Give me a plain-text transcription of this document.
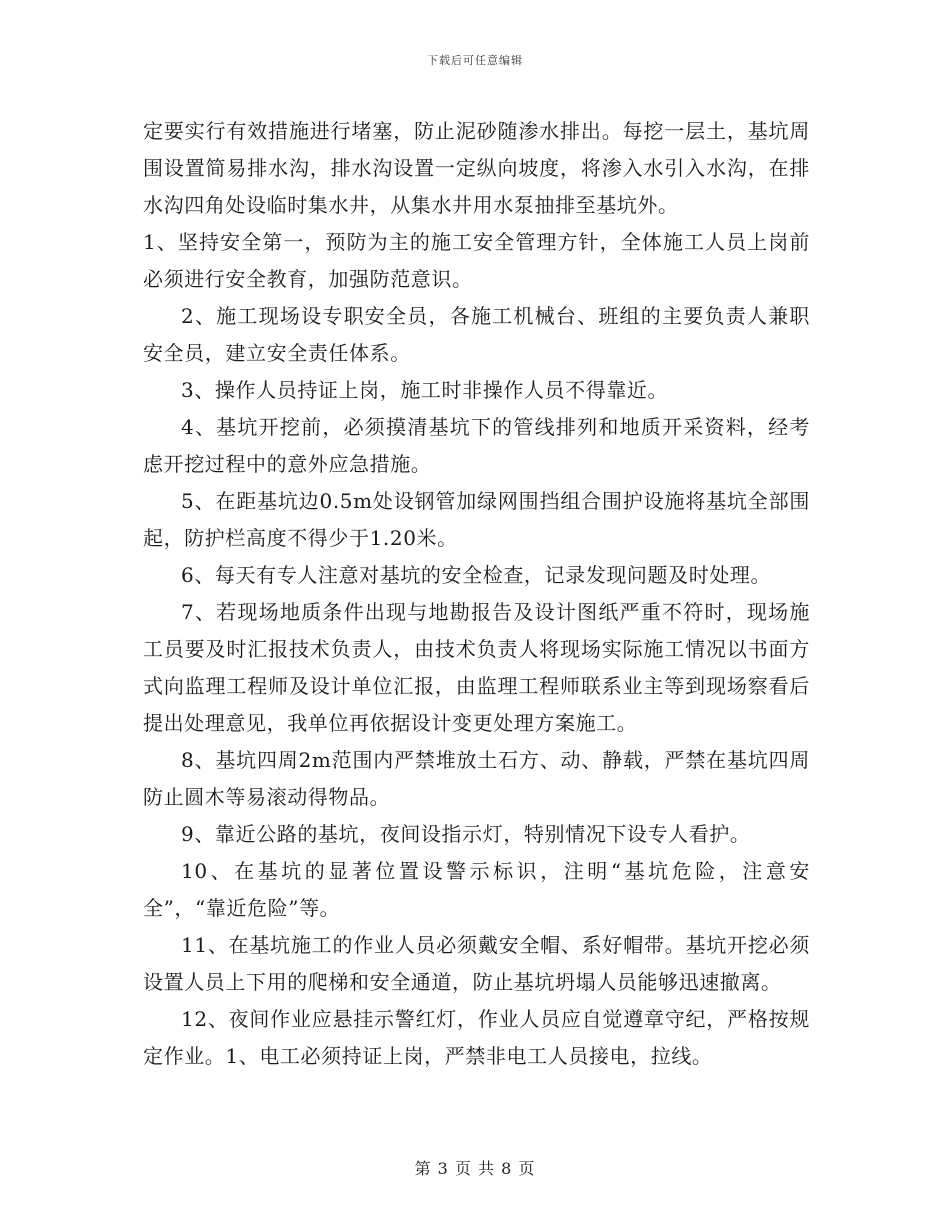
下载后可任意编辑

定要实行有效措施进行堵塞，防止泥砂随渗水排出。每挖一层土，基坑周围设置简易排水沟，排水沟设置一定纵向坡度，将渗入水引入水沟，在排水沟四角处设临时集水井，从集水井用水泵抽排至基坑外。

1、坚持安全第一，预防为主的施工安全管理方针，全体施工人员上岗前必须进行安全教育，加强防范意识。

2、施工现场设专职安全员，各施工机械台、班组的主要负责人兼职安全员，建立安全责任体系。

3、操作人员持证上岗，施工时非操作人员不得靠近。

4、基坑开挖前，必须摸清基坑下的管线排列和地质开采资料，经考虑开挖过程中的意外应急措施。

5、在距基坑边0.5m处设钢管加绿网围挡组合围护设施将基坑全部围起，防护栏高度不得少于1.20米。

6、每天有专人注意对基坑的安全检查，记录发现问题及时处理。

7、若现场地质条件出现与地勘报告及设计图纸严重不符时，现场施工员要及时汇报技术负责人，由技术负责人将现场实际施工情况以书面方式向监理工程师及设计单位汇报，由监理工程师联系业主等到现场察看后提出处理意见，我单位再依据设计变更处理方案施工。

8、基坑四周2m范围内严禁堆放土石方、动、静载，严禁在基坑四周防止圆木等易滚动得物品。

9、靠近公路的基坑，夜间设指示灯，特别情况下设专人看护。

10、在基坑的显著位置设警示标识，注明“基坑危险，注意安全”，“靠近危险”等。

11、在基坑施工的作业人员必须戴安全帽、系好帽带。基坑开挖必须设置人员上下用的爬梯和安全通道，防止基坑坍塌人员能够迅速撤离。

12、夜间作业应悬挂示警红灯，作业人员应自觉遵章守纪，严格按规定作业。1、电工必须持证上岗，严禁非电工人员接电，拉线。

第 3 页 共 8 页
